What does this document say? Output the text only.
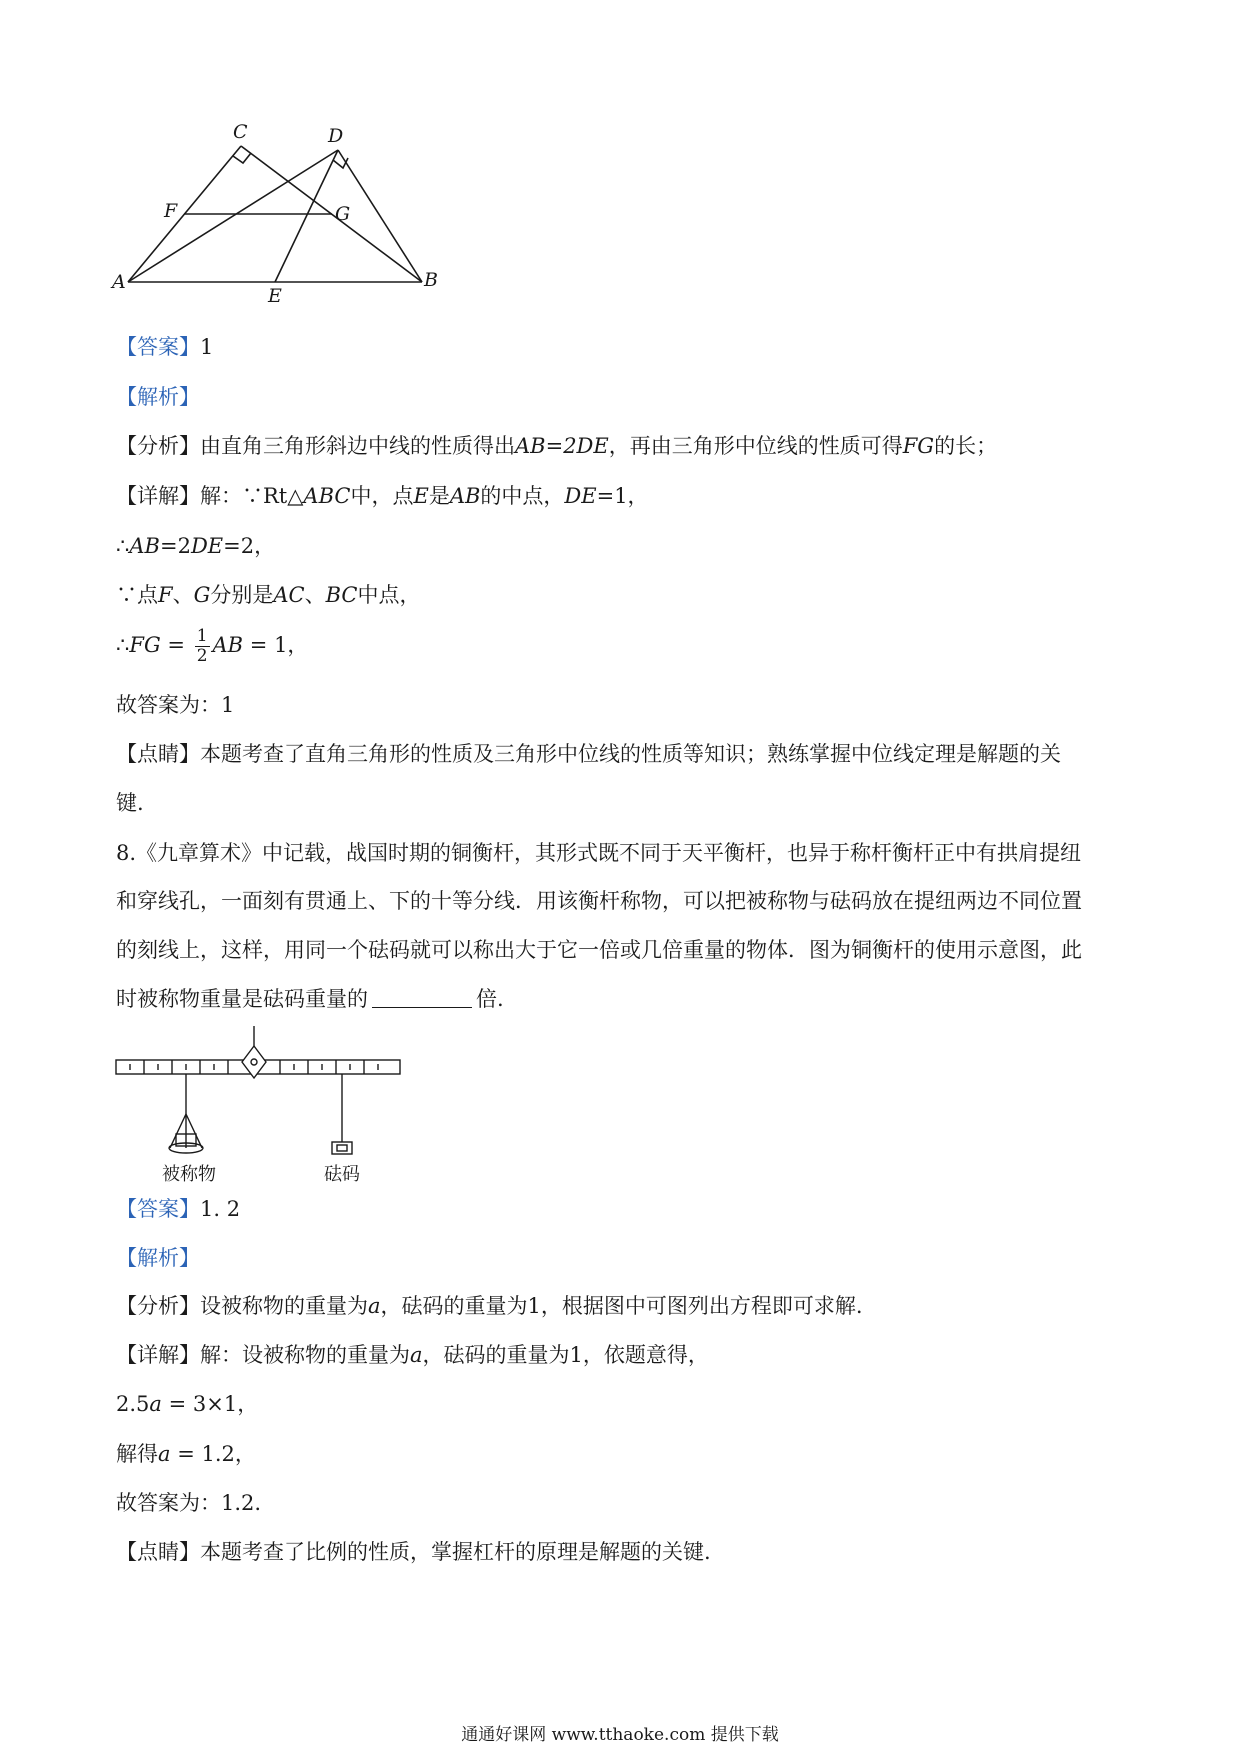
C	D
F	G
A
E
B
【答案】1
【解析】
【分析】由直角三角形斜边中线的性质得出AB=2DE，再由三角形中位线的性质可得FG的长；
【详解】解：∵Rt△ABC中，点E是AB的中点，DE=1，
∴AB=2DE=2，
∵点F、G分别是AC、BC中点，
∴FG = $\frac{1}{2}$ AB = 1，
故答案为：1
【点睛】本题考查了直角三角形的性质及三角形中位线的性质等知识；熟练掌握中位线定理是解题的关
键.
8.《九章算术》中记载，战国时期的铜衡杆，其形式既不同于天平衡杆，也异于称杆衡杆正中有拱肩提纽
和穿线孔，一面刻有贯通上、下的十等分线．用该衡杆称物，可以把被称物与砝码放在提纽两边不同位置
的刻线上，这样，用同一个砝码就可以称出大于它一倍或几倍重量的物体．图为铜衡杆的使用示意图，此
时被称物重量是砝码重量的	倍.
被称物	砝码
【答案】1. 2
【解析】
【分析】设被称物的重量为a，砝码的重量为1，根据图中可图列出方程即可求解.
【详解】解：设被称物的重量为a，砝码的重量为1，依题意得，
2.5a = 3×1，
解得a = 1.2，
故答案为：1.2.
【点睛】本题考查了比例的性质，掌握杠杆的原理是解题的关键.
通通好课网 www.tthaoke.com 提供下载
